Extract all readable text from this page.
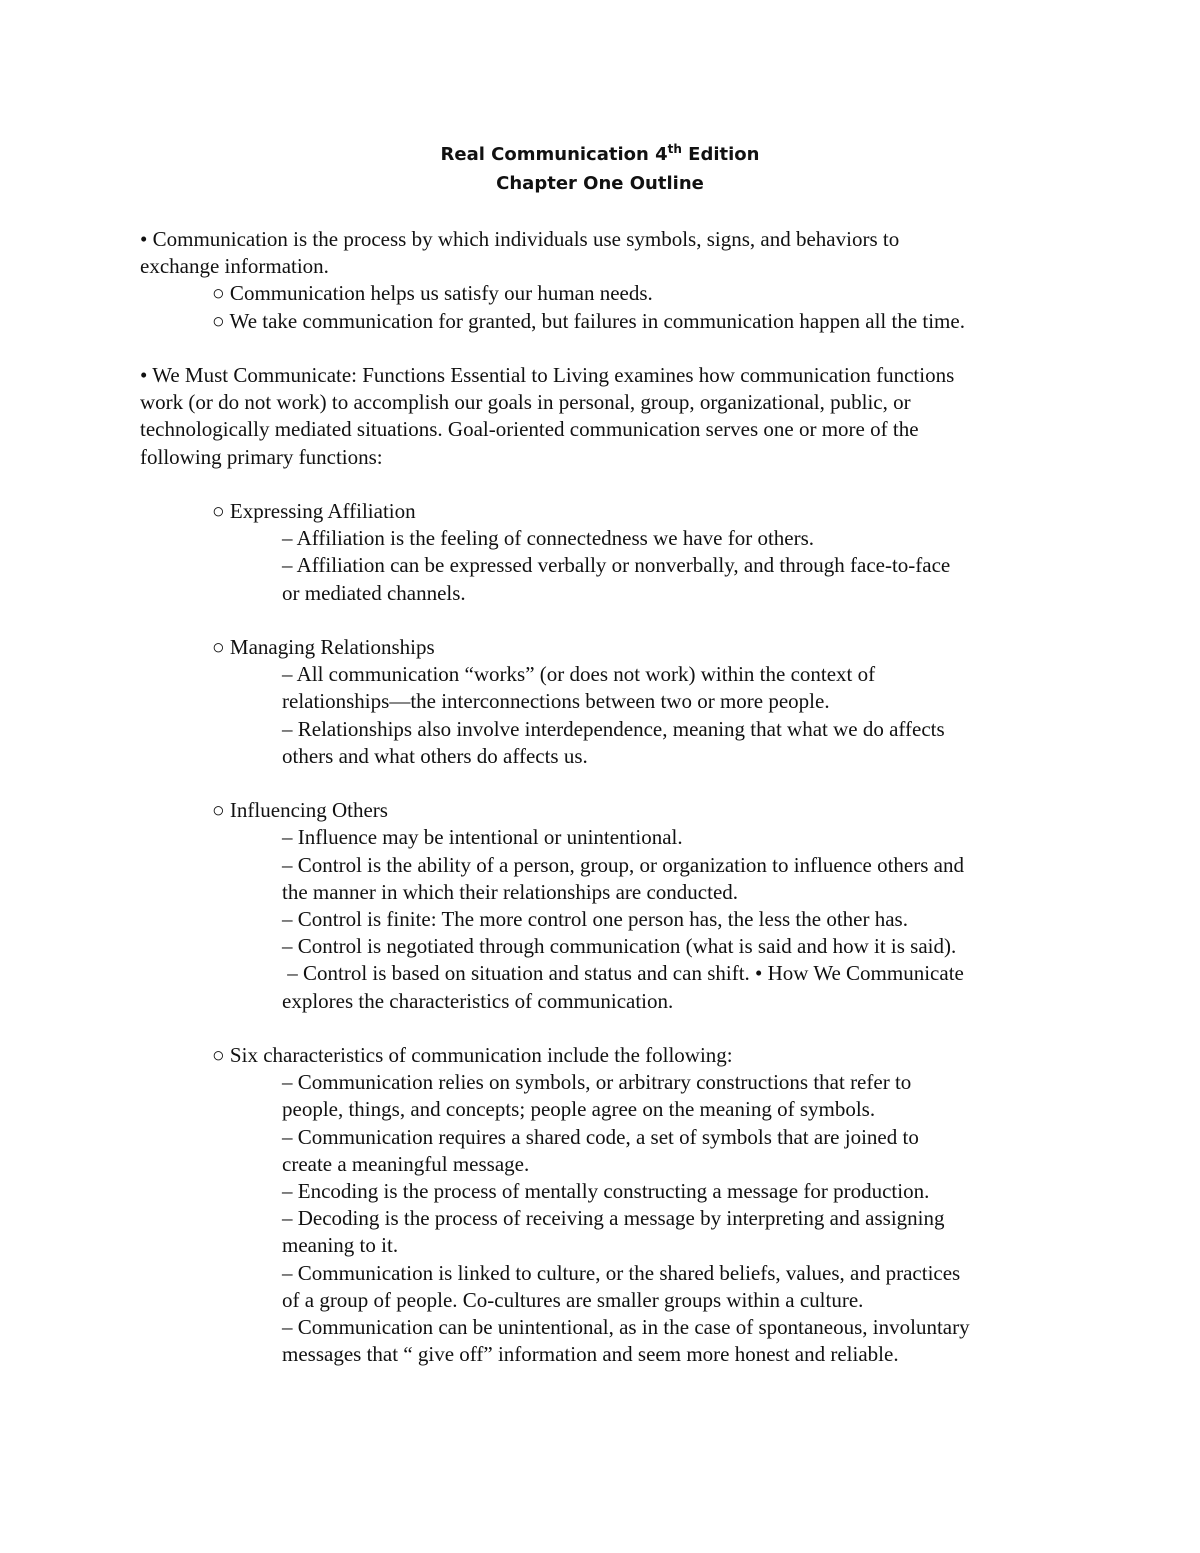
Real Communication 4th Edition
Chapter One Outline
• Communication is the process by which individuals use symbols, signs, and behaviors to
exchange information.
○ Communication helps us satisfy our human needs.
○ We take communication for granted, but failures in communication happen all the time.
• We Must Communicate: Functions Essential to Living examines how communication functions
work (or do not work) to accomplish our goals in personal, group, organizational, public, or
technologically mediated situations. Goal-oriented communication serves one or more of the
following primary functions:
○ Expressing Affiliation
– Affiliation is the feeling of connectedness we have for others.
– Affiliation can be expressed verbally or nonverbally, and through face-to-face
or mediated channels.
○ Managing Relationships
– All communication “works” (or does not work) within the context of
relationships—the interconnections between two or more people.
– Relationships also involve interdependence, meaning that what we do affects
others and what others do affects us.
○ Influencing Others
– Influence may be intentional or unintentional.
– Control is the ability of a person, group, or organization to influence others and
the manner in which their relationships are conducted.
– Control is finite: The more control one person has, the less the other has.
– Control is negotiated through communication (what is said and how it is said).
– Control is based on situation and status and can shift. • How We Communicate
explores the characteristics of communication.
○ Six characteristics of communication include the following:
– Communication relies on symbols, or arbitrary constructions that refer to
people, things, and concepts; people agree on the meaning of symbols.
– Communication requires a shared code, a set of symbols that are joined to
create a meaningful message.
– Encoding is the process of mentally constructing a message for production.
– Decoding is the process of receiving a message by interpreting and assigning
meaning to it.
– Communication is linked to culture, or the shared beliefs, values, and practices
of a group of people. Co-cultures are smaller groups within a culture.
– Communication can be unintentional, as in the case of spontaneous, involuntary
messages that “ give off” information and seem more honest and reliable.
